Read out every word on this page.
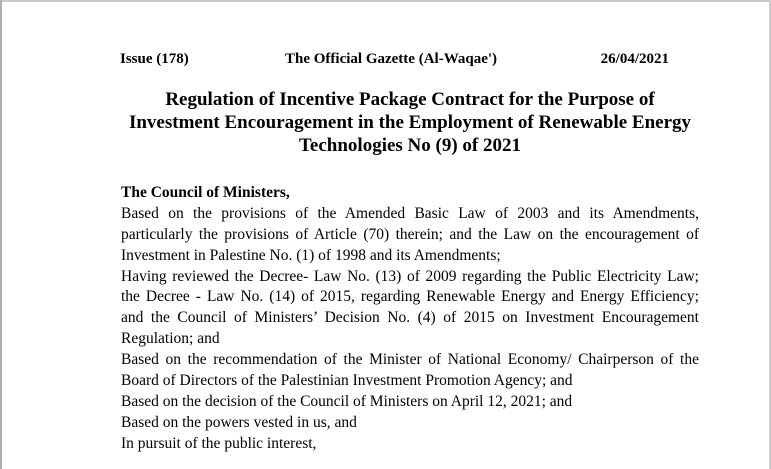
Issue (178)	The Official Gazette (Al-Waqae')	26/04/2021
Regulation of Incentive Package Contract for the Purpose of
Investment Encouragement in the Employment of Renewable Energy
Technologies No (9) of 2021
The Council of Ministers,
Based on the provisions of the Amended Basic Law of 2003 and its Amendments,
particularly the provisions of Article (70) therein; and the Law on the encouragement of
Investment in Palestine No. (1) of 1998 and its Amendments;
Having reviewed the Decree- Law No. (13) of 2009 regarding the Public Electricity Law;
the Decree - Law No. (14) of 2015, regarding Renewable Energy and Energy Efficiency;
and the Council of Ministers’ Decision No. (4) of 2015 on Investment Encouragement
Regulation; and
Based on the recommendation of the Minister of National Economy/ Chairperson of the
Board of Directors of the Palestinian Investment Promotion Agency; and
Based on the decision of the Council of Ministers on April 12, 2021; and
Based on the powers vested in us, and
In pursuit of the public interest,
